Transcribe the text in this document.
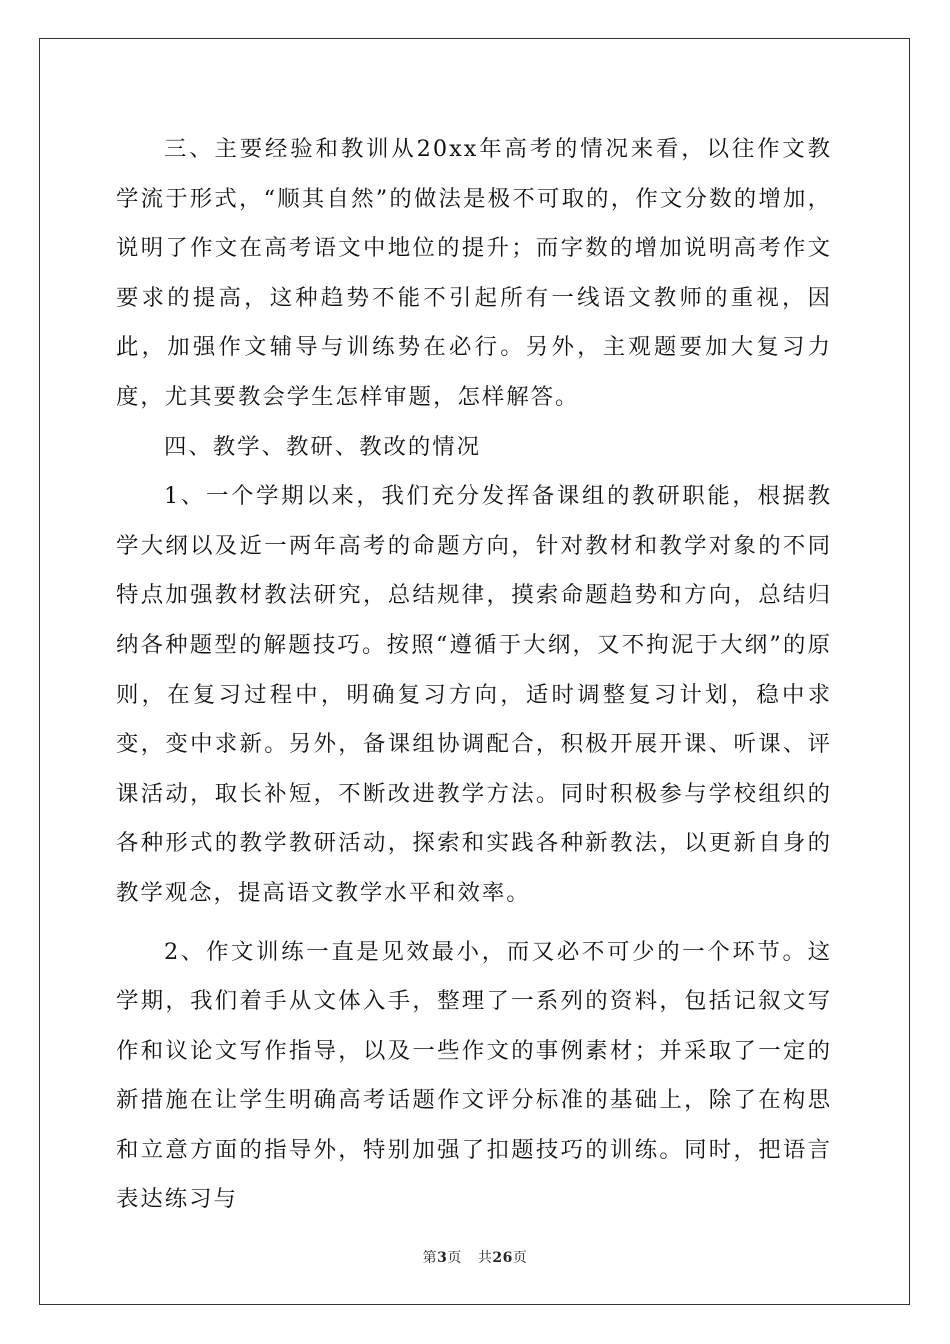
三、主要经验和教训从20xx年高考的情况来看，以往作文教学流于形式，“顺其自然”的做法是极不可取的，作文分数的增加，说明了作文在高考语文中地位的提升；而字数的增加说明高考作文要求的提高，这种趋势不能不引起所有一线语文教师的重视，因此，加强作文辅导与训练势在必行。另外，主观题要加大复习力度，尤其要教会学生怎样审题，怎样解答。

四、教学、教研、教改的情况

1、一个学期以来，我们充分发挥备课组的教研职能，根据教学大纲以及近一两年高考的命题方向，针对教材和教学对象的不同特点加强教材教法研究，总结规律，摸索命题趋势和方向，总结归纳各种题型的解题技巧。按照“遵循于大纲，又不拘泥于大纲”的原则，在复习过程中，明确复习方向，适时调整复习计划，稳中求变，变中求新。另外，备课组协调配合，积极开展开课、听课、评课活动，取长补短，不断改进教学方法。同时积极参与学校组织的各种形式的教学教研活动，探索和实践各种新教法，以更新自身的教学观念，提高语文教学水平和效率。

2、作文训练一直是见效最小，而又必不可少的一个环节。这学期，我们着手从文体入手，整理了一系列的资料，包括记叙文写作和议论文写作指导，以及一些作文的事例素材；并采取了一定的新措施在让学生明确高考话题作文评分标准的基础上，除了在构思和立意方面的指导外，特别加强了扣题技巧的训练。同时，把语言表达练习与

第3页 共26页
